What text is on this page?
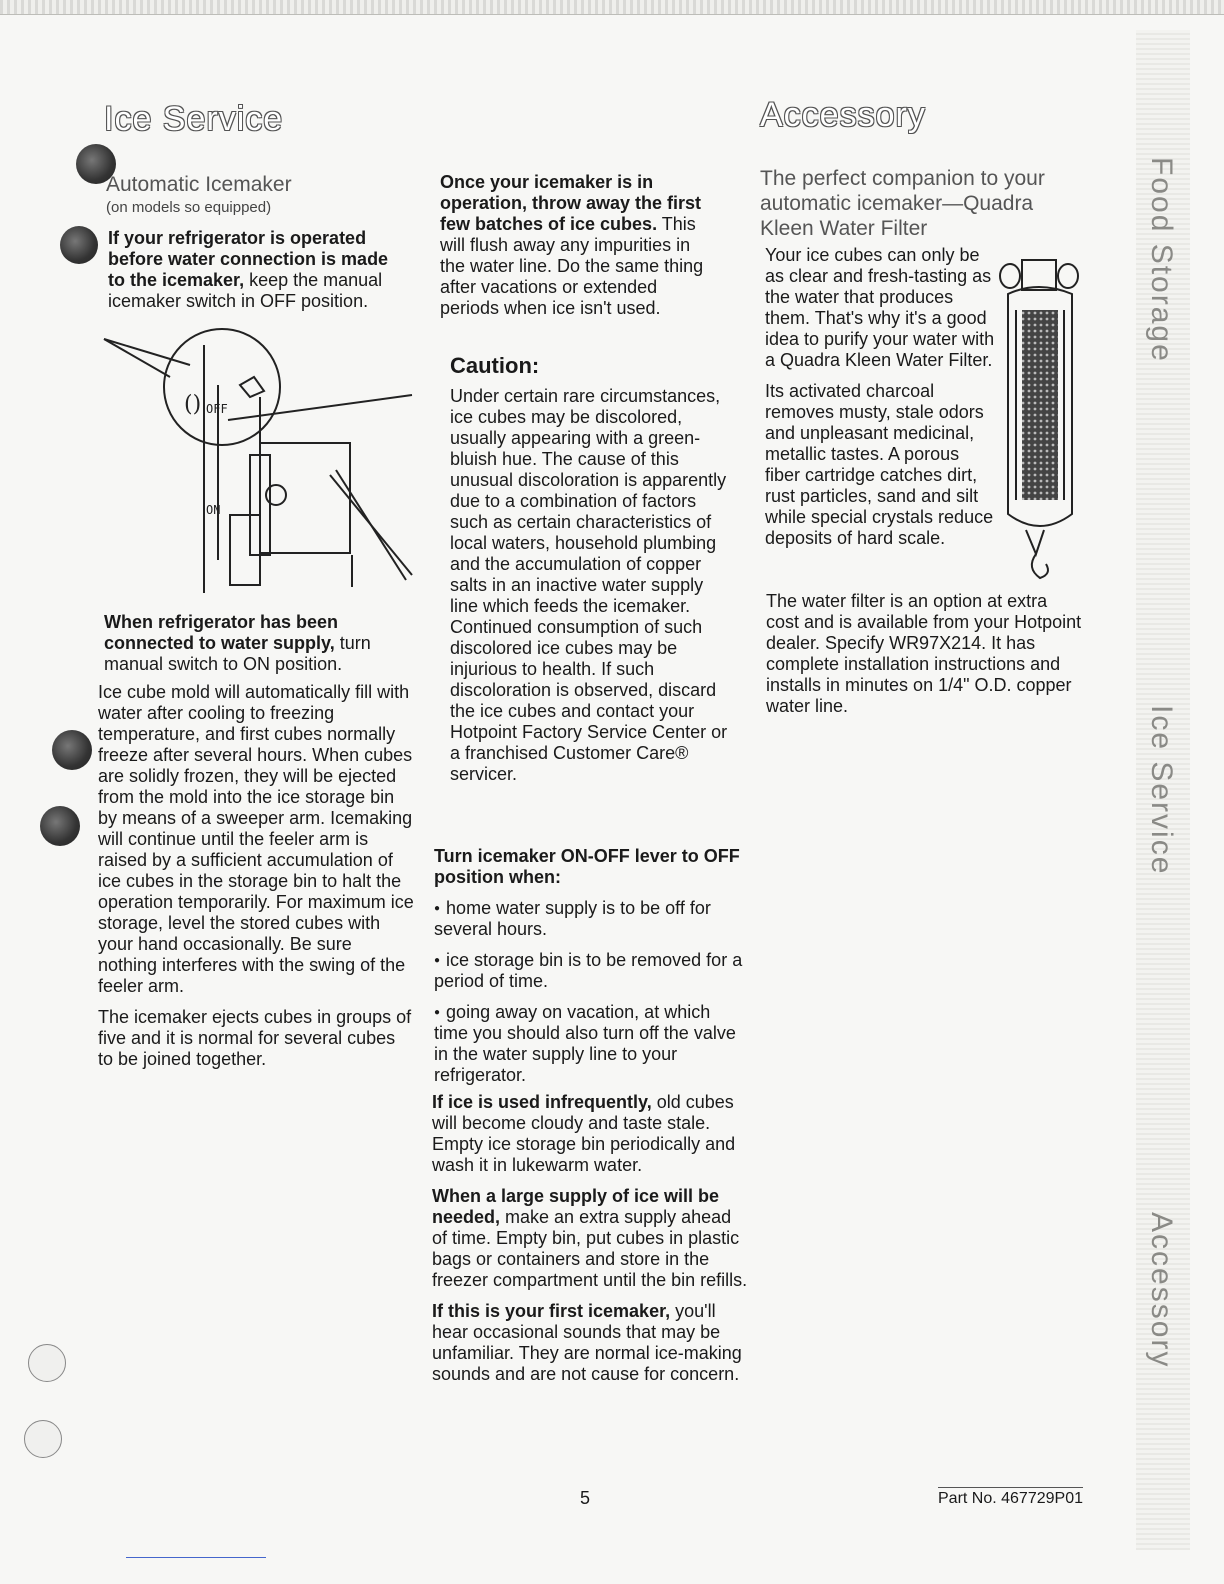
Food Storage
Ice Service
Accessory
Ice Service	Accessory
Automatic Icemaker
(on models so equipped)

If your refrigerator is operated before water connection is made to the icemaker, keep the manual icemaker switch in OFF position.

() OFF
ON

When refrigerator has been connected to water supply, turn manual switch to ON position.

Ice cube mold will automatically fill with water after cooling to freezing temperature, and first cubes normally freeze after several hours. When cubes are solidly frozen, they will be ejected from the mold into the ice storage bin by means of a sweeper arm. Icemaking will continue until the feeler arm is raised by a sufficient accumulation of ice cubes in the storage bin to halt the operation temporarily. For maximum ice storage, level the stored cubes with your hand occasionally. Be sure nothing interferes with the swing of the feeler arm.

The icemaker ejects cubes in groups of five and it is normal for several cubes to be joined together.

Once your icemaker is in operation, throw away the first few batches of ice cubes. This will flush away any impurities in the water line. Do the same thing after vacations or extended periods when ice isn't used.

Caution:

Under certain rare circumstances, ice cubes may be discolored, usually appearing with a green-bluish hue. The cause of this unusual discoloration is apparently due to a combination of factors such as certain characteristics of local waters, household plumbing and the accumulation of copper salts in an inactive water supply line which feeds the icemaker. Continued consumption of such discolored ice cubes may be injurious to health. If such discoloration is observed, discard the ice cubes and contact your Hotpoint Factory Service Center or a franchised Customer Care® servicer.

Turn icemaker ON-OFF lever to OFF position when:

● home water supply is to be off for several hours.

● ice storage bin is to be removed for a period of time.

● going away on vacation, at which time you should also turn off the valve in the water supply line to your refrigerator.

If ice is used infrequently, old cubes will become cloudy and taste stale. Empty ice storage bin periodically and wash it in lukewarm water.

When a large supply of ice will be needed, make an extra supply ahead of time. Empty bin, put cubes in plastic bags or containers and store in the freezer compartment until the bin refills.

If this is your first icemaker, you'll hear occasional sounds that may be unfamiliar. They are normal ice-making sounds and are not cause for concern.

The perfect companion to your automatic icemaker—Quadra Kleen Water Filter

Your ice cubes can only be as clear and fresh-tasting as the water that produces them. That's why it's a good idea to purify your water with a Quadra Kleen Water Filter.

Its activated charcoal removes musty, stale odors and unpleasant medicinal, metallic tastes. A porous fiber cartridge catches dirt, rust particles, sand and silt while special crystals reduce deposits of hard scale.

The water filter is an option at extra cost and is available from your Hotpoint dealer. Specify WR97X214. It has complete installation instructions and installs in minutes on 1/4" O.D. copper water line.

5	Part No. 467729P01
